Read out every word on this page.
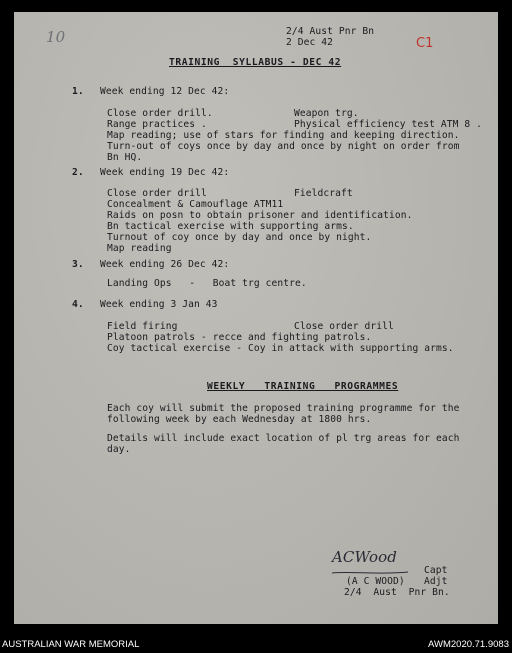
10	C1
2/4 Aust Pnr Bn
2 Dec 42
TRAINING  SYLLABUS - DEC 42
1. Week ending 12 Dec 42:
Close order drill.	Weapon trg.
Range practices .	Physical efficiency test ATM 8 .
Map reading; use of stars for finding and keeping direction.
Turn-out of coys once by day and once by night on order from
Bn HQ.
2. Week ending 19 Dec 42:
Close order drill	Fieldcraft
Concealment & Camouflage ATM11
Raids on posn to obtain prisoner and identification.
Bn tactical exercise with supporting arms.
Turnout of coy once by day and once by night.
Map reading
3. Week ending 26 Dec 42:
Landing Ops   -   Boat trg centre.
4. Week ending 3 Jan 43
Field firing	Close order drill
Platoon patrols - recce and fighting patrols.
Coy tactical exercise - Coy in attack with supporting arms.
WEEKLY   TRAINING   PROGRAMMES
Each coy will submit the proposed training programme for the
following week by each Wednesday at 1800 hrs.
Details will include exact location of pl trg areas for each
day.
ACWood
Capt
(A C WOOD) Adjt
2/4  Aust  Pnr Bn.
AUSTRALIAN WAR MEMORIAL	AWM2020.71.9083
